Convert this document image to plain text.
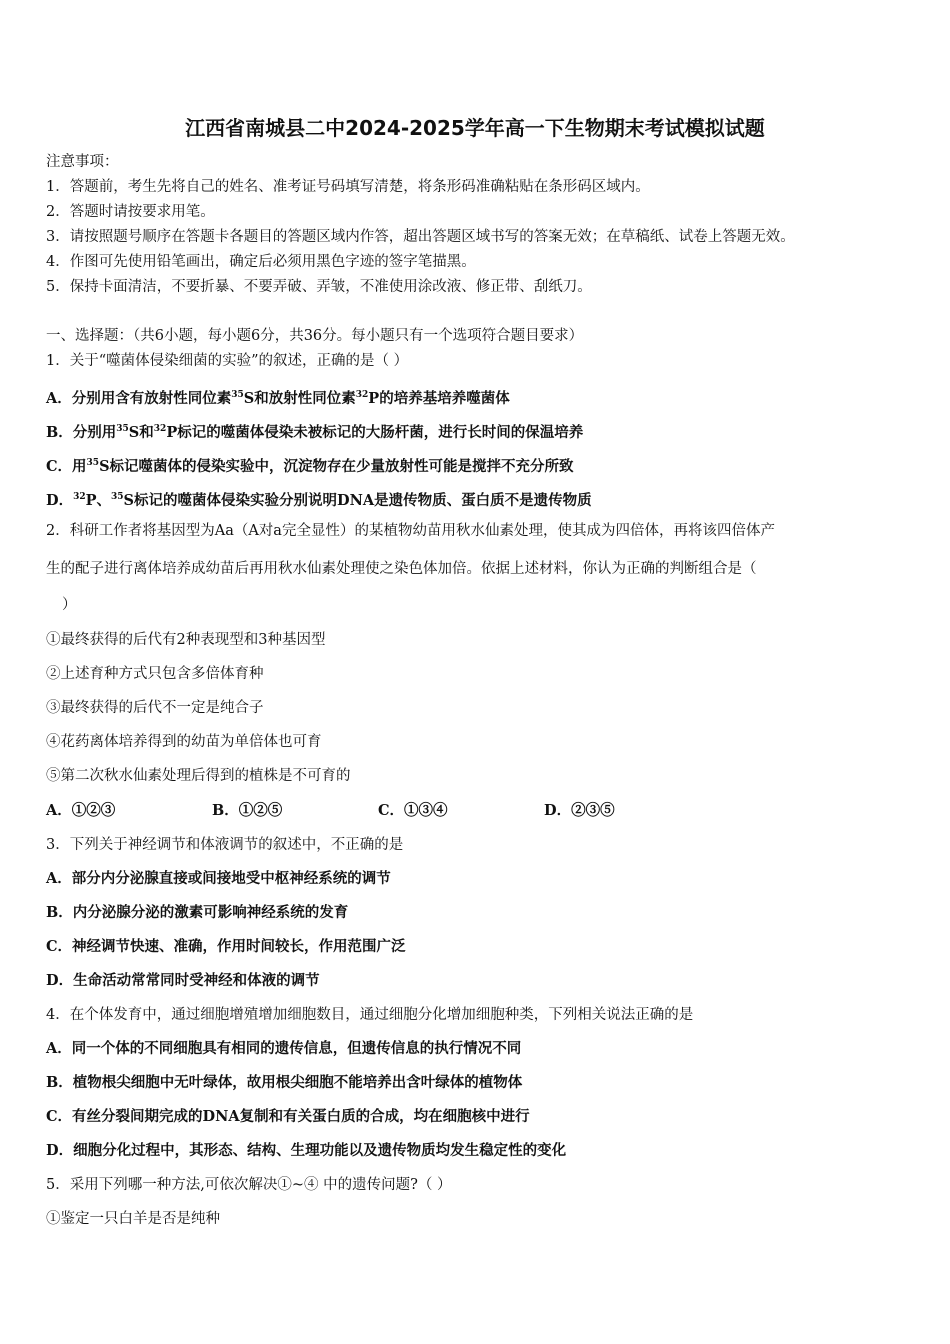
江西省南城县二中2024-2025学年高一下生物期末考试模拟试题
注意事项：
1．答题前，考生先将自己的姓名、准考证号码填写清楚，将条形码准确粘贴在条形码区域内。
2．答题时请按要求用笔。
3．请按照题号顺序在答题卡各题目的答题区域内作答，超出答题区域书写的答案无效；在草稿纸、试卷上答题无效。
4．作图可先使用铅笔画出，确定后必须用黑色字迹的签字笔描黑。
5．保持卡面清洁，不要折暴、不要弄破、弄皱，不准使用涂改液、修正带、刮纸刀。
一、选择题：（共6小题，每小题6分，共36分。每小题只有一个选项符合题目要求）
1．关于“噬菌体侵染细菌的实验”的叙述，正确的是（ ）
A．分别用含有放射性同位素$^{35}$S和放射性同位素$^{32}$P的培养基培养噬菌体
B．分别用$^{35}$S和$^{32}$P标记的噬菌体侵染未被标记的大肠杆菌，进行长时间的保温培养
C．用$^{35}$S标记噬菌体的侵染实验中，沉淀物存在少量放射性可能是搅拌不充分所致
D．$^{32}$P、$^{35}$S标记的噬菌体侵染实验分别说明DNA是遗传物质、蛋白质不是遗传物质
2．科研工作者将基因型为Aa（A对a完全显性）的某植物幼苗用秋水仙素处理，使其成为四倍体，再将该四倍体产
生的配子进行离体培养成幼苗后再用秋水仙素处理使之染色体加倍。依据上述材料，你认为正确的判断组合是（
）
①最终获得的后代有2种表现型和3种基因型
②上述育种方式只包含多倍体育种
③最终获得的后代不一定是纯合子
④花药离体培养得到的幼苗为单倍体也可育
⑤第二次秋水仙素处理后得到的植株是不可育的
A．①②③	B．①②⑤	C．①③④	D．②③⑤
3．下列关于神经调节和体液调节的叙述中，不正确的是
A．部分内分泌腺直接或间接地受中枢神经系统的调节
B．内分泌腺分泌的激素可影响神经系统的发育
C．神经调节快速、准确，作用时间较长，作用范围广泛
D．生命活动常常同时受神经和体液的调节
4．在个体发育中，通过细胞增殖增加细胞数目，通过细胞分化增加细胞种类，下列相关说法正确的是
A．同一个体的不同细胞具有相同的遗传信息，但遗传信息的执行情况不同
B．植物根尖细胞中无叶绿体，故用根尖细胞不能培养出含叶绿体的植物体
C．有丝分裂间期完成的DNA复制和有关蛋白质的合成，均在细胞核中进行
D．细胞分化过程中，其形态、结构、生理功能以及遗传物质均发生稳定性的变化
5．采用下列哪一种方法,可依次解决①~④ 中的遗传问题?（ ）
①鉴定一只白羊是否是纯种
